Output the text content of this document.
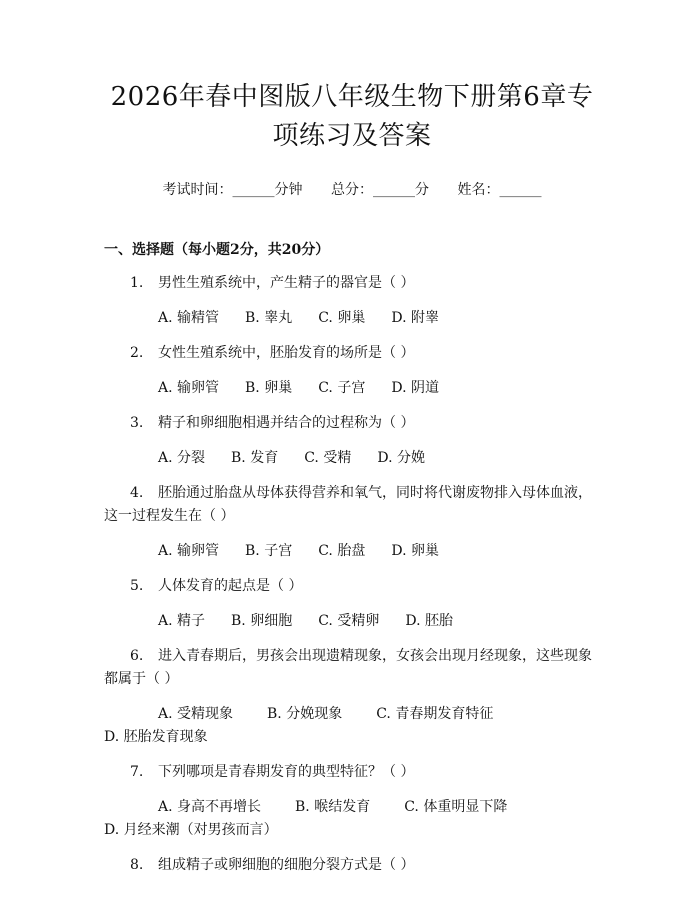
2026年春中图版八年级生物下册第6章专项练习及答案
考试时间：______分钟 总分：______分 姓名：______
一、选择题（每小题2分，共20分）
1. 男性生殖系统中，产生精子的器官是（ ）
A. 输精管 B. 睾丸 C. 卵巢 D. 附睾
2. 女性生殖系统中，胚胎发育的场所是（ ）
A. 输卵管 B. 卵巢 C. 子宫 D. 阴道
3. 精子和卵细胞相遇并结合的过程称为（ ）
A. 分裂 B. 发育 C. 受精 D. 分娩
4. 胚胎通过胎盘从母体获得营养和氧气，同时将代谢废物排入母体血液，这一过程发生在（ ）
A. 输卵管 B. 子宫 C. 胎盘 D. 卵巢
5. 人体发育的起点是（ ）
A. 精子 B. 卵细胞 C. 受精卵 D. 胚胎
6. 进入青春期后，男孩会出现遗精现象，女孩会出现月经现象，这些现象都属于（ ）
A. 受精现象 B. 分娩现象 C. 青春期发育特征D. 胚胎发育现象
7. 下列哪项是青春期发育的典型特征？（ ）
A. 身高不再增长 B. 喉结发育 C. 体重明显下降D. 月经来潮（对男孩而言）
8. 组成精子或卵细胞的细胞分裂方式是（ ）
